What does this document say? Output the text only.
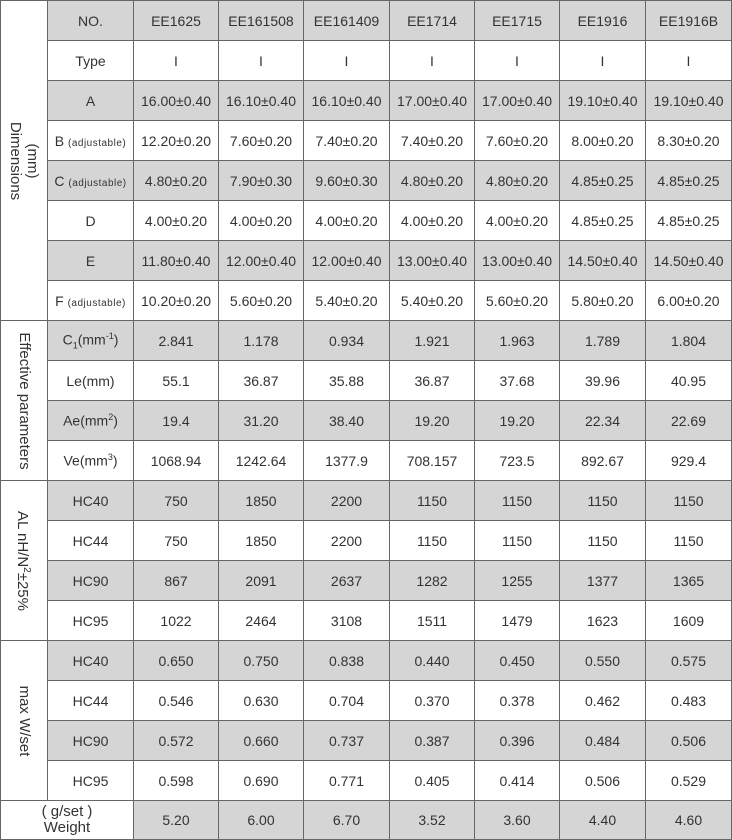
(mm)
Dimensions	NO.	EE1625	EE161508	EE161409	EE1714	EE1715	EE1916	EE1916B
	Type	I	I	I	I	I	I	I
	A	16.00±0.40	16.10±0.40	16.10±0.40	17.00±0.40	17.00±0.40	19.10±0.40	19.10±0.40
	B (adjustable)	12.20±0.20	7.60±0.20	7.40±0.20	7.40±0.20	7.60±0.20	8.00±0.20	8.30±0.20
	C (adjustable)	4.80±0.20	7.90±0.30	9.60±0.30	4.80±0.20	4.80±0.20	4.85±0.25	4.85±0.25
	D	4.00±0.20	4.00±0.20	4.00±0.20	4.00±0.20	4.00±0.20	4.85±0.25	4.85±0.25
	E	11.80±0.40	12.00±0.40	12.00±0.40	13.00±0.40	13.00±0.40	14.50±0.40	14.50±0.40
	F (adjustable)	10.20±0.20	5.60±0.20	5.40±0.20	5.40±0.20	5.60±0.20	5.80±0.20	6.00±0.20

Effective parameters	$C_1(mm^{-1})$	2.841	1.178	0.934	1.921	1.963	1.789	1.804
	Le(mm)	55.1	36.87	35.88	36.87	37.68	39.96	40.95
	$Ae(mm^2)$	19.4	31.20	38.40	19.20	19.20	22.34	22.69
	$Ve(mm^3)$	1068.94	1242.64	1377.9	708.157	723.5	892.67	929.4

AL $nH/N^2\pm 25\%$	HC40	750	1850	2200	1150	1150	1150	1150
	HC44	750	1850	2200	1150	1150	1150	1150
	HC90	867	2091	2637	1282	1255	1377	1365
	HC95	1022	2464	3108	1511	1479	1623	1609

max W/set	HC40	0.650	0.750	0.838	0.440	0.450	0.550	0.575
	HC44	0.546	0.630	0.704	0.370	0.378	0.462	0.483
	HC90	0.572	0.660	0.737	0.387	0.396	0.484	0.506
	HC95	0.598	0.690	0.771	0.405	0.414	0.506	0.529

( g/set )
Weight		5.20	6.00	6.70	3.52	3.60	4.40	4.60
